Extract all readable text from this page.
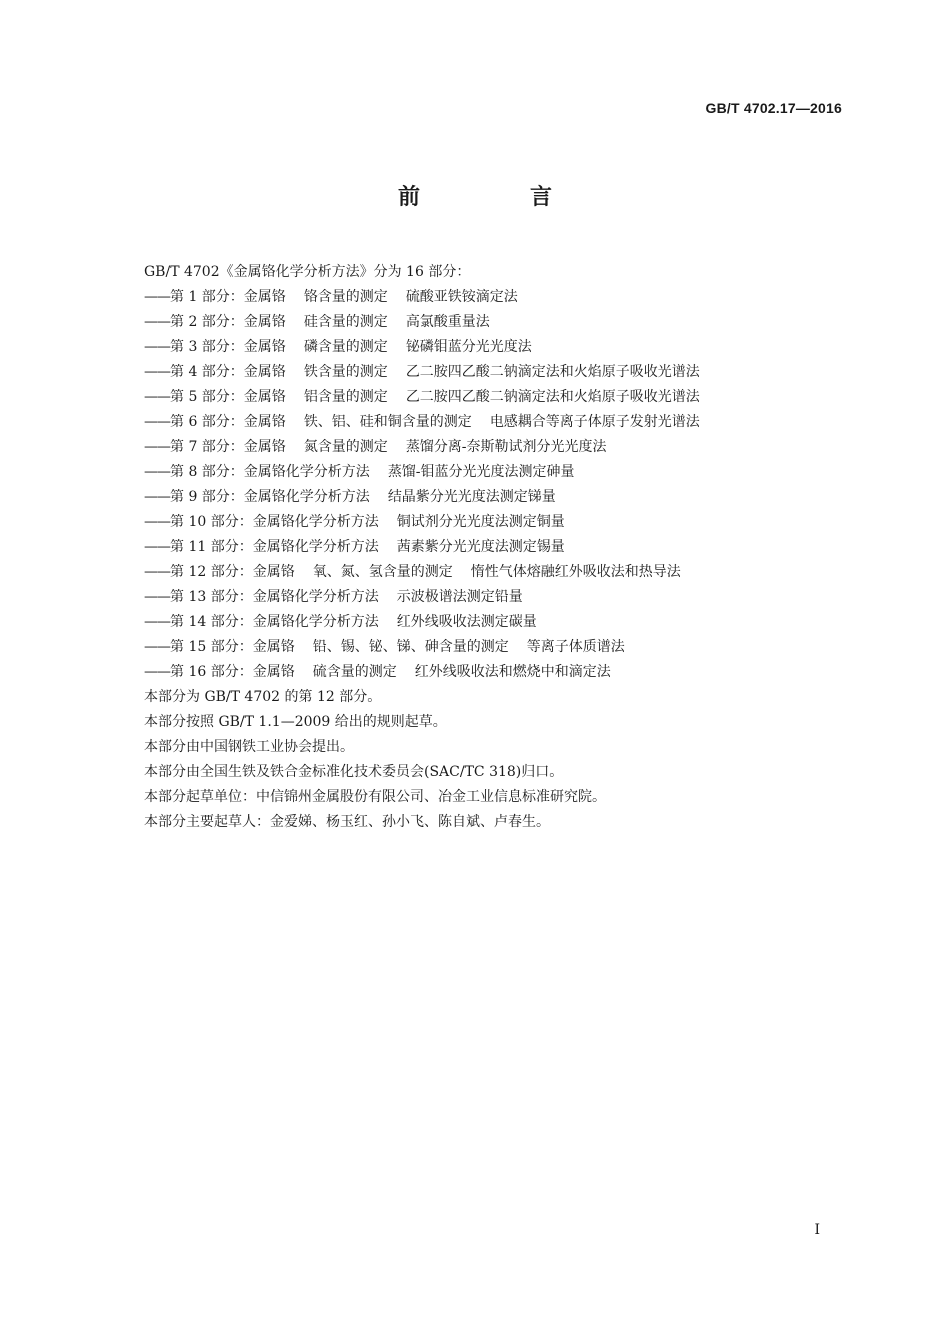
GB/T 4702.17—2016
前　言
GB/T 4702《金属铬化学分析方法》分为 16 部分：
——第 1 部分：金属铬 铬含量的测定 硫酸亚铁铵滴定法
——第 2 部分：金属铬 硅含量的测定 高氯酸重量法
——第 3 部分：金属铬 磷含量的测定 铋磷钼蓝分光光度法
——第 4 部分：金属铬 铁含量的测定 乙二胺四乙酸二钠滴定法和火焰原子吸收光谱法
——第 5 部分：金属铬 铝含量的测定 乙二胺四乙酸二钠滴定法和火焰原子吸收光谱法
——第 6 部分：金属铬 铁、铝、硅和铜含量的测定 电感耦合等离子体原子发射光谱法
——第 7 部分：金属铬 氮含量的测定 蒸馏分离-奈斯勒试剂分光光度法
——第 8 部分：金属铬化学分析方法 蒸馏-钼蓝分光光度法测定砷量
——第 9 部分：金属铬化学分析方法 结晶紫分光光度法测定锑量
——第 10 部分：金属铬化学分析方法 铜试剂分光光度法测定铜量
——第 11 部分：金属铬化学分析方法 茜素紫分光光度法测定锡量
——第 12 部分：金属铬 氧、氮、氢含量的测定 惰性气体熔融红外吸收法和热导法
——第 13 部分：金属铬化学分析方法 示波极谱法测定铅量
——第 14 部分：金属铬化学分析方法 红外线吸收法测定碳量
——第 15 部分：金属铬 铅、锡、铋、锑、砷含量的测定 等离子体质谱法
——第 16 部分：金属铬 硫含量的测定 红外线吸收法和燃烧中和滴定法
本部分为 GB/T 4702 的第 12 部分。
本部分按照 GB/T 1.1—2009 给出的规则起草。
本部分由中国钢铁工业协会提出。
本部分由全国生铁及铁合金标准化技术委员会(SAC/TC 318)归口。
本部分起草单位：中信锦州金属股份有限公司、冶金工业信息标准研究院。
本部分主要起草人：金爱娣、杨玉红、孙小飞、陈自斌、卢春生。
I
